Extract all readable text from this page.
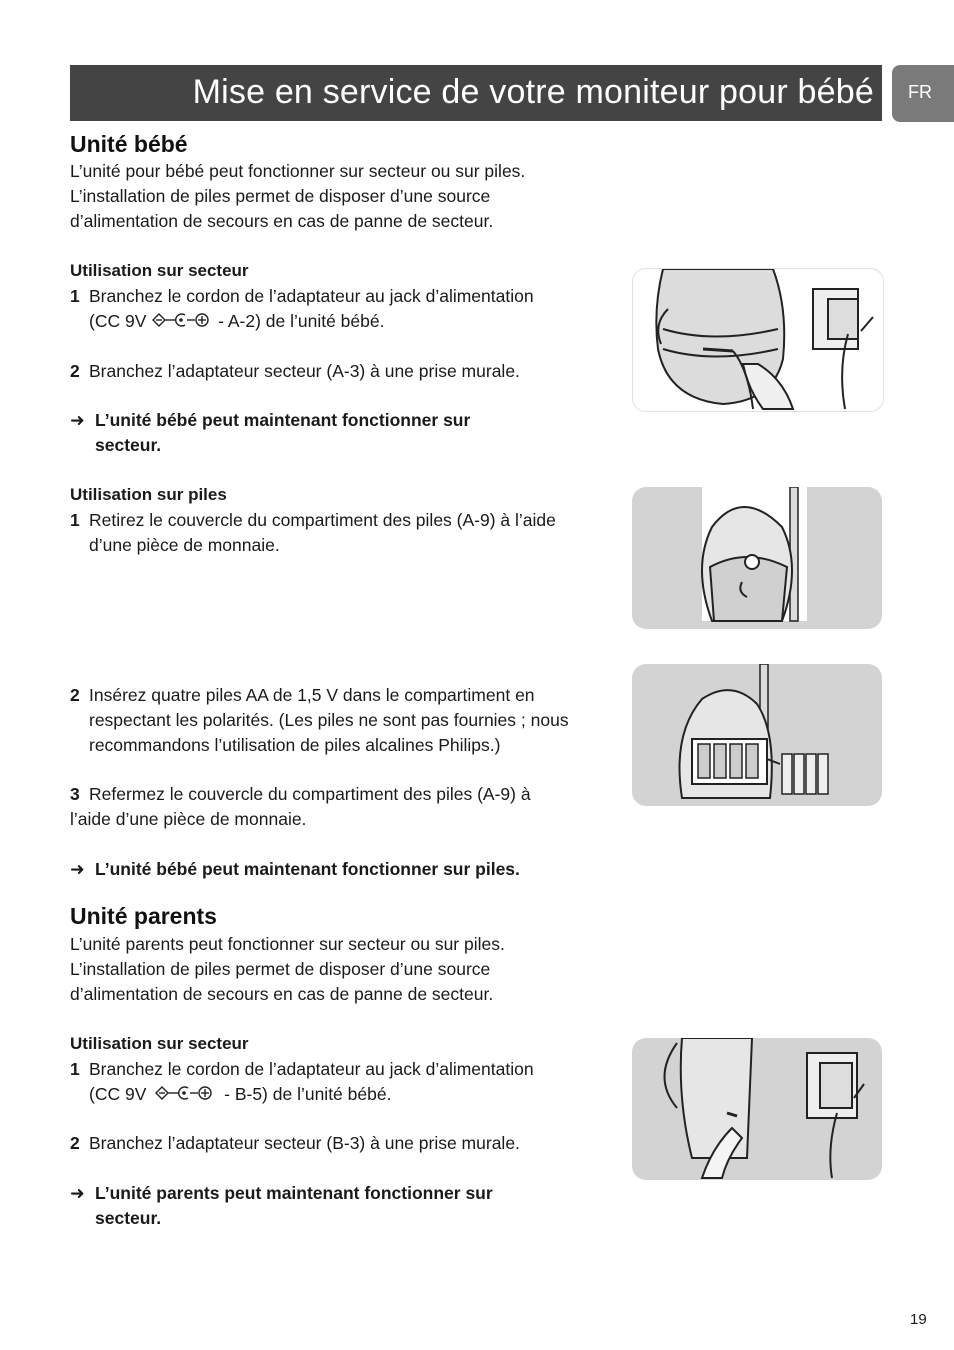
Mise en service de votre moniteur pour bébé FR
Unité bébé
L’unité pour bébé peut fonctionner sur secteur ou sur piles.
L’installation de piles permet de disposer d’une source
d’alimentation de secours en cas de panne de secteur.
Utilisation sur secteur
1 Branchez le cordon de l’adaptateur au jack d’alimentation
(CC 9V	- A-2) de l’unité bébé.
2 Branchez l’adaptateur secteur (A-3) à une prise murale.
➜ L’unité bébé peut maintenant fonctionner sur
secteur.
Utilisation sur piles
1 Retirez le couvercle du compartiment des piles (A-9) à l’aide
d’une pièce de monnaie.
2 Insérez quatre piles AA de 1,5 V dans le compartiment en
respectant les polarités. (Les piles ne sont pas fournies ; nous
recommandons l’utilisation de piles alcalines Philips.)
3 Refermez le couvercle du compartiment des piles (A-9) à
l’aide d’une pièce de monnaie.
➜ L’unité bébé peut maintenant fonctionner sur piles.
Unité parents
L’unité parents peut fonctionner sur secteur ou sur piles.
L’installation de piles permet de disposer d’une source
d’alimentation de secours en cas de panne de secteur.
Utilisation sur secteur
1 Branchez le cordon de l’adaptateur au jack d’alimentation
(CC 9V	- B-5) de l’unité bébé.
2 Branchez l’adaptateur secteur (B-3) à une prise murale.
➜ L’unité parents peut maintenant fonctionner sur
secteur.
19
